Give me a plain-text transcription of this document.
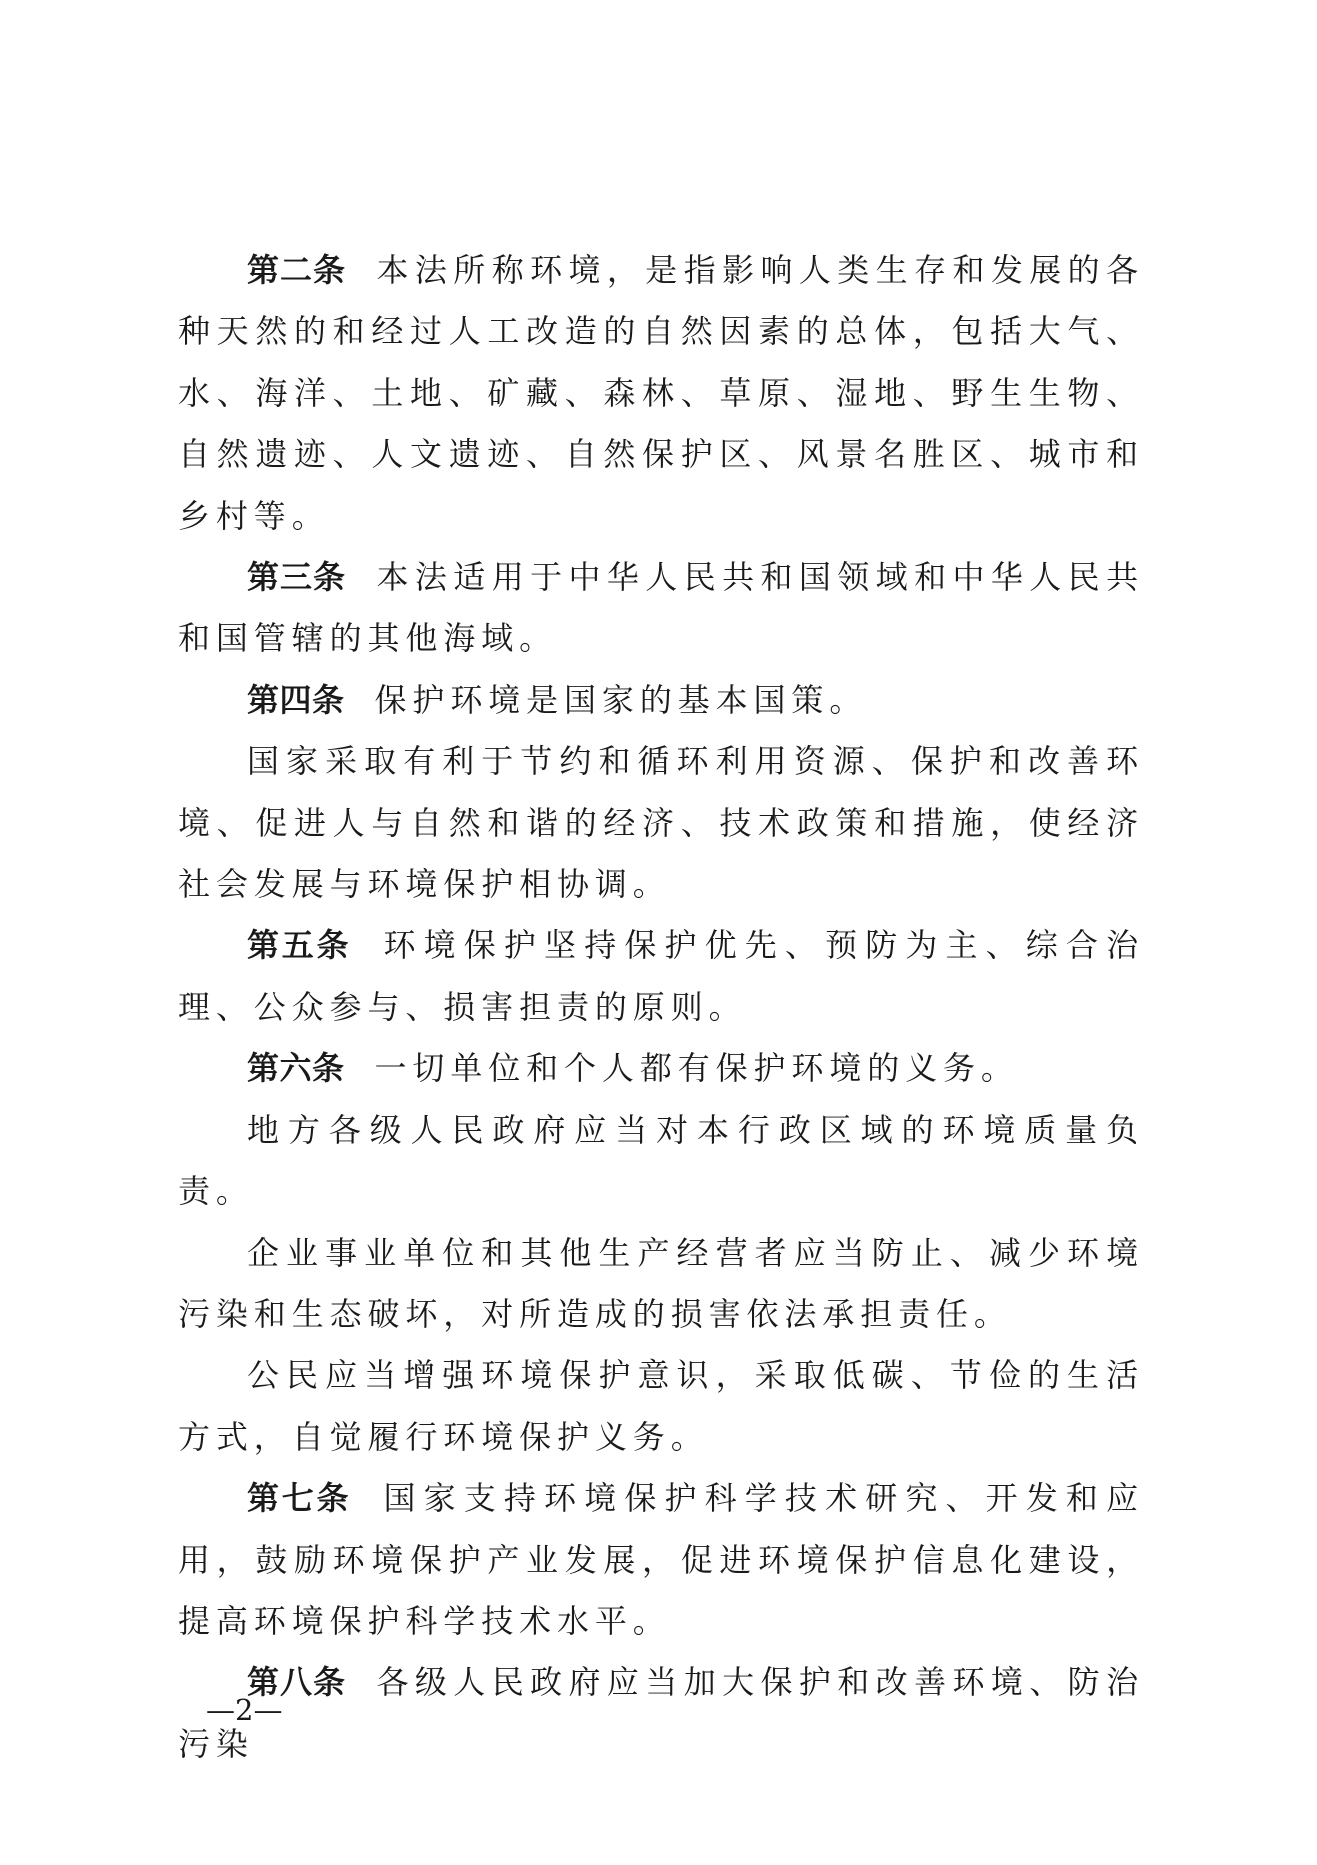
第二条 本法所称环境，是指影响人类生存和发展的各种天然的和经过人工改造的自然因素的总体，包括大气、水、海洋、土地、矿藏、森林、草原、湿地、野生生物、自然遗迹、人文遗迹、自然保护区、风景名胜区、城市和乡村等。

第三条 本法适用于中华人民共和国领域和中华人民共和国管辖的其他海域。

第四条 保护环境是国家的基本国策。

国家采取有利于节约和循环利用资源、保护和改善环境、促进人与自然和谐的经济、技术政策和措施，使经济社会发展与环境保护相协调。

第五条 环境保护坚持保护优先、预防为主、综合治理、公众参与、损害担责的原则。

第六条 一切单位和个人都有保护环境的义务。

地方各级人民政府应当对本行政区域的环境质量负责。

企业事业单位和其他生产经营者应当防止、减少环境污染和生态破坏，对所造成的损害依法承担责任。

公民应当增强环境保护意识，采取低碳、节俭的生活方式，自觉履行环境保护义务。

第七条 国家支持环境保护科学技术研究、开发和应用，鼓励环境保护产业发展，促进环境保护信息化建设，提高环境保护科学技术水平。

第八条 各级人民政府应当加大保护和改善环境、防治污染

—2—
